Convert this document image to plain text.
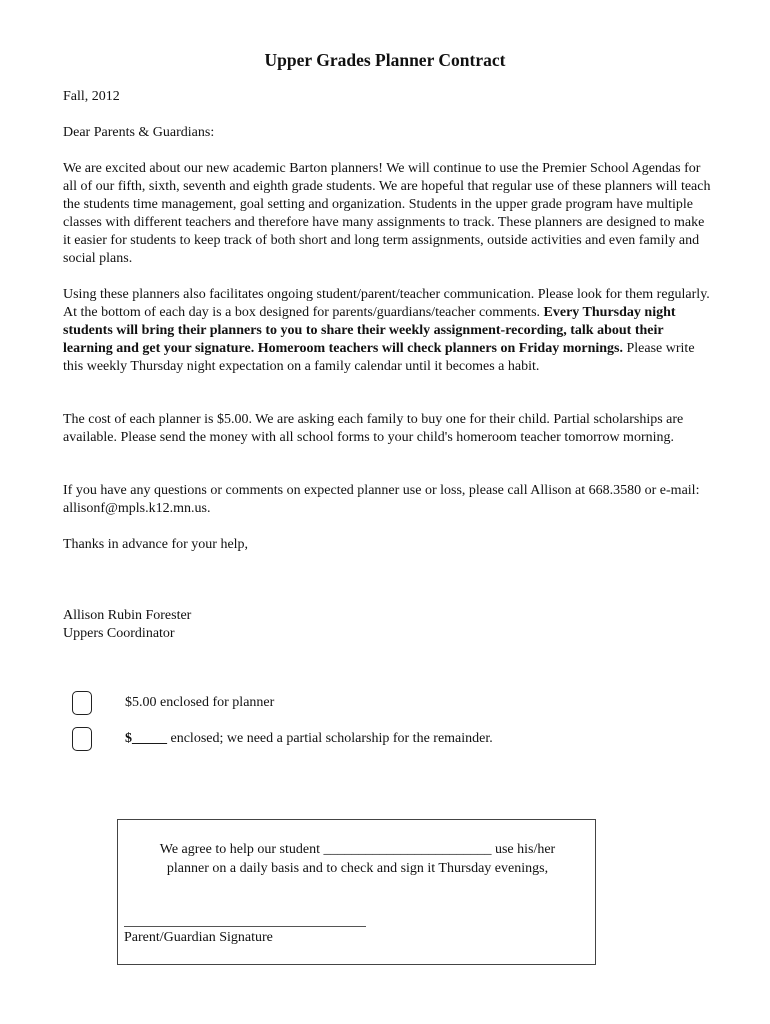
Upper Grades Planner Contract

Fall, 2012

Dear Parents & Guardians:

We are excited about our new academic Barton planners! We will continue to use the Premier School Agendas for all of our fifth, sixth, seventh and eighth grade students. We are hopeful that regular use of these planners will teach the students time management, goal setting and organization. Students in the upper grade program have multiple classes with different teachers and therefore have many assignments to track. These planners are designed to make it easier for students to keep track of both short and long term assignments, outside activities and even family and social plans.

Using these planners also facilitates ongoing student/parent/teacher communication. Please look for them regularly. At the bottom of each day is a box designed for parents/guardians/teacher comments. Every Thursday night students will bring their planners to you to share their weekly assignment-recording, talk about their learning and get your signature. Homeroom teachers will check planners on Friday mornings. Please write this weekly Thursday night expectation on a family calendar until it becomes a habit.

The cost of each planner is $5.00. We are asking each family to buy one for their child. Partial scholarships are available. Please send the money with all school forms to your child's homeroom teacher tomorrow morning.

If you have any questions or comments on expected planner use or loss, please call Allison at 668.3580 or e-mail: allisonf@mpls.k12.mn.us.

Thanks in advance for your help,

Allison Rubin Forester

Uppers Coordinator

$5.00 enclosed for planner
$_____ enclosed; we need a partial scholarship for the remainder.

We agree to help our student ________________________ use his/her
planner on a daily basis and to check and sign it Thursday evenings,

Parent/Guardian Signature
